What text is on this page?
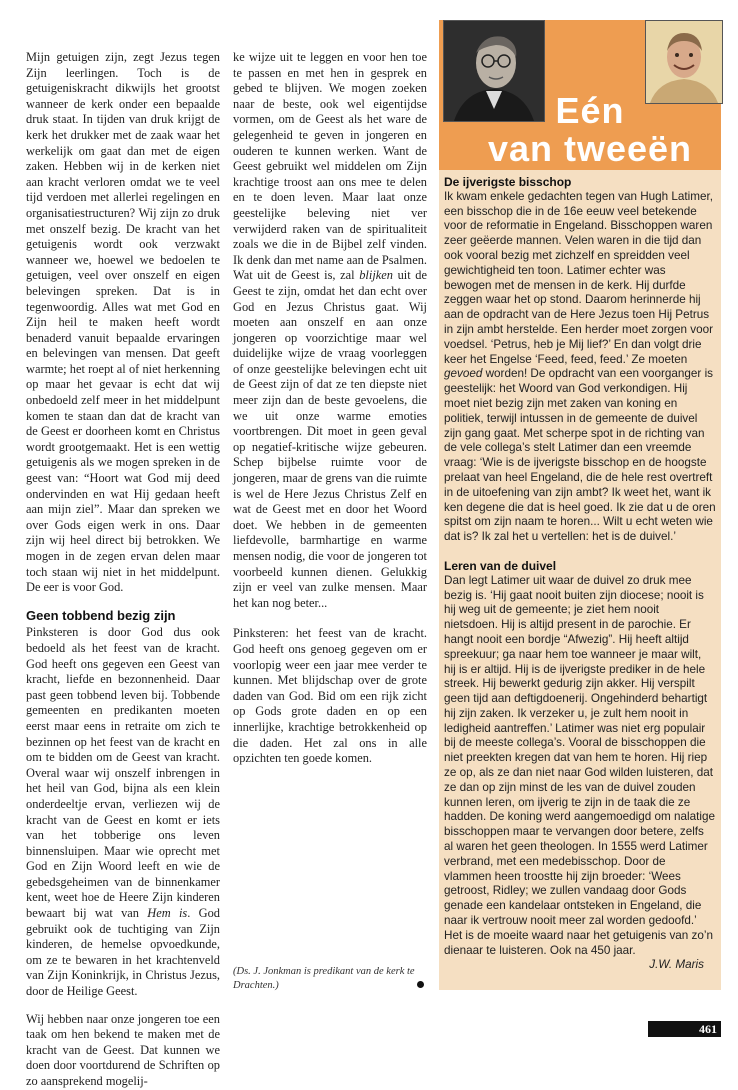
Mijn getuigen zijn, zegt Jezus tegen Zijn leerlingen. Toch is de getuigeniskracht dikwijls het grootst wanneer de kerk onder een bepaalde druk staat. In tijden van druk krijgt de kerk het drukker met de zaak waar het werkelijk om gaat dan met de eigen zaken. Hebben wij in de kerken niet aan kracht verloren omdat we te veel tijd verdoen met allerlei regelingen en organisatiestructuren? Wij zijn zo druk met onszelf bezig. De kracht van het getuigenis wordt ook verzwakt wanneer we, hoewel we bedoelen te getuigen, veel over onszelf en eigen belevingen spreken. Dat is in tegenwoordig. Alles wat met God en Zijn heil te maken heeft wordt benaderd vanuit bepaalde ervaringen en belevingen van mensen. Dat geeft warmte; het roept al of niet herkenning op maar het gevaar is echt dat wij onbedoeld zelf meer in het middelpunt komen te staan dan dat de kracht van de Geest er doorheen komt en Christus wordt grootgemaakt. Het is een wettig getuigenis als we mogen spreken in de geest van: “Hoort wat God mij deed ondervinden en wat Hij gedaan heeft aan mijn ziel”. Maar dan spreken we over Gods eigen werk in ons. Daar zijn wij heel direct bij betrokken. We mogen in de zegen ervan delen maar toch staan wij niet in het middelpunt. De eer is voor God.

Geen tobbend bezig zijn

Pinksteren is door God dus ook bedoeld als het feest van de kracht. God heeft ons gegeven een Geest van kracht, liefde en bezonnenheid. Daar past geen tobbend leven bij. Tobbende gemeenten en predikanten moeten eerst maar eens in retraite om zich te bezinnen op het feest van de kracht en om te bidden om de Geest van kracht. Overal waar wij onszelf inbrengen in het heil van God, bijna als een klein onderdeeltje ervan, verliezen wij de kracht van de Geest en komt er iets van het tobberige ons leven binnensluipen. Maar wie oprecht met God en Zijn Woord leeft en wie de gebedsgeheimen van de binnenkamer kent, weet hoe de Heere Zijn kinderen bewaart bij wat van Hem is. God gebruikt ook de tuchtiging van Zijn kinderen, de hemelse opvoedkunde, om ze te bewaren in het krachtenveld van Zijn Koninkrijk, in Christus Jezus, door de Heilige Geest.

Wij hebben naar onze jongeren toe een taak om hen bekend te maken met de kracht van de Geest. Dat kunnen we doen door voortdurend de Schriften op zo aansprekend mogelij-

ke wijze uit te leggen en voor hen toe te passen en met hen in gesprek en gebed te blijven. We mogen zoeken naar de beste, ook wel eigentijdse vormen, om de Geest als het ware de gelegenheid te geven in jongeren en ouderen te kunnen werken. Want de Geest gebruikt wel middelen om Zijn krachtige troost aan ons mee te delen en te doen leven. Maar laat onze geestelijke beleving niet ver verwijderd raken van de spiritualiteit zoals we die in de Bijbel zelf vinden. Ik denk dan met name aan de Psalmen. Wat uit de Geest is, zal blijken uit de Geest te zijn, omdat het dan echt over God en Jezus Christus gaat. Wij moeten aan onszelf en aan onze jongeren op voorzichtige maar wel duidelijke wijze de vraag voorleggen of onze geestelijke belevingen echt uit de Geest zijn of dat ze ten diepste niet meer zijn dan de beste gevoelens, die we uit onze warme emoties voortbrengen. Dit moet in geen geval op negatief-kritische wijze gebeuren. Schep bijbelse ruimte voor de jongeren, maar de grens van die ruimte is wel de Here Jezus Christus Zelf en wat de Geest met en door het Woord doet. We hebben in de gemeenten liefdevolle, barmhartige en warme mensen nodig, die voor de jongeren tot voorbeeld kunnen dienen. Gelukkig zijn er veel van zulke mensen. Maar het kan nog beter...

Pinksteren: het feest van de kracht. God heeft ons genoeg gegeven om er voorlopig weer een jaar mee verder te kunnen. Met blijdschap over de grote daden van God. Bid om een rijk zicht op Gods grote daden en op een innerlijke, krachtige betrokkenheid op die daden. Het zal ons in alle opzichten ten goede komen.

(Ds. J. Jonkman is predikant van de kerk te Drachten.)
Eén
van tweeën
De ijverigste bisschop

Ik kwam enkele gedachten tegen van Hugh Latimer, een bisschop die in de 16e eeuw veel betekende voor de reformatie in Engeland. Bisschoppen waren zeer geëerde mannen. Velen waren in die tijd dan ook vooral bezig met zichzelf en spreidden veel gewichtigheid ten toon. Latimer echter was bewogen met de mensen in de kerk. Hij durfde zeggen waar het op stond. Daarom herinnerde hij aan de opdracht van de Here Jezus toen Hij Petrus in zijn ambt herstelde. Een herder moet zorgen voor voedsel. ‘Petrus, heb je Mij lief?’ En dan volgt drie keer het Engelse ‘Feed, feed, feed.’ Ze moeten gevoed worden! De opdracht van een voorganger is geestelijk: het Woord van God verkondigen. Hij moet niet bezig zijn met zaken van koning en politiek, terwijl intussen in de gemeente de duivel zijn gang gaat. Met scherpe spot in de richting van de vele collega’s stelt Latimer dan een vreemde vraag: ‘Wie is de ijverigste bisschop en de hoogste prelaat van heel Engeland, die de hele rest overtreft in de uitoefening van zijn ambt? Ik weet het, want ik ken degene die dat is heel goed. Ik zie dat u de oren spitst om zijn naam te horen... Wilt u echt weten wie dat is? Ik zal het u vertellen: het is de duivel.’

Leren van de duivel

Dan legt Latimer uit waar de duivel zo druk mee bezig is. ‘Hij gaat nooit buiten zijn diocese; nooit is hij weg uit de gemeente; je ziet hem nooit nietsdoen. Hij is altijd present in de parochie. Er hangt nooit een bordje “Afwezig”. Hij heeft altijd spreekuur; ga naar hem toe wanneer je maar wilt, hij is er altijd. Hij is de ijverigste prediker in de hele streek. Hij bewerkt gedurig zijn akker. Hij verspilt geen tijd aan deftigdoenerij. Ongehinderd behartigt hij zijn zaken. Ik verzeker u, je zult hem nooit in ledigheid aantreffen.’ Latimer was niet erg populair bij de meeste collega’s. Vooral de bisschoppen die niet preekten kregen dat van hem te horen. Hij riep ze op, als ze dan niet naar God wilden luisteren, dat ze dan op zijn minst de les van de duivel zouden kunnen leren, om ijverig te zijn in de taak die ze hadden. De koning werd aangemoedigd om nalatige bisschoppen maar te vervangen door betere, zelfs al waren het geen theologen. In 1555 werd Latimer verbrand, met een medebisschop. Door de vlammen heen troostte hij zijn broeder: ‘Wees getroost, Ridley; we zullen vandaag door Gods genade een kandelaar ontsteken in Engeland, die naar ik vertrouw nooit meer zal worden gedoofd.’ Het is de moeite waard naar het getuigenis van zo’n dienaar te luisteren. Ook na 450 jaar.

J.W. Maris

461
